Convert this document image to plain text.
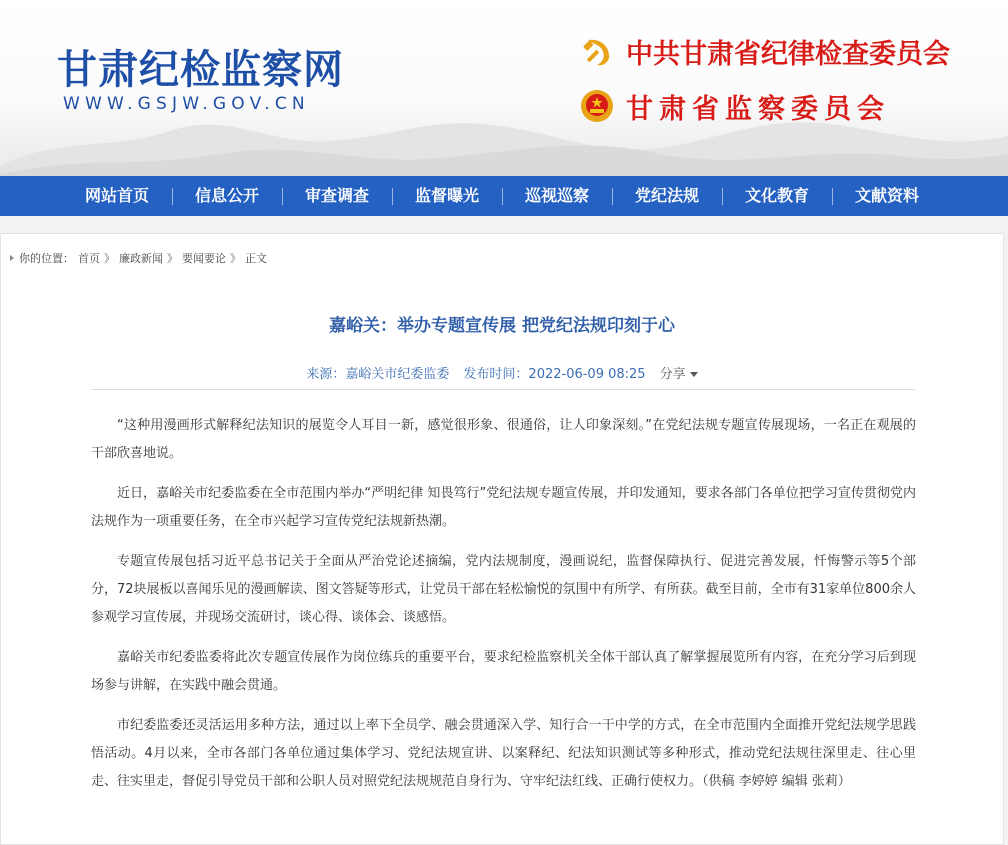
甘肃纪检监察网
WWW.GSJW.GOV.CN
中共甘肃省纪律检查委员会
甘肃省监察委员会
网站首页	信息公开	审查调查	监督曝光	巡视巡察	党纪法规	文化教育	文献资料
你的位置： 首页 》 廉政新闻 》 要闻要论 》 正文
嘉峪关：举办专题宣传展 把党纪法规印刻于心
来源：嘉峪关市纪委监委 发布时间：2022-06-09 08:25 分享

“这种用漫画形式解释纪法知识的展览令人耳目一新，感觉很形象、很通俗，让人印象深刻。”在党纪法规专题宣传展现场，一名正在观展的干部欣喜地说。

近日，嘉峪关市纪委监委在全市范围内举办“严明纪律 知畏笃行”党纪法规专题宣传展，并印发通知，要求各部门各单位把学习宣传贯彻党内法规作为一项重要任务，在全市兴起学习宣传党纪法规新热潮。

专题宣传展包括习近平总书记关于全面从严治党论述摘编，党内法规制度，漫画说纪，监督保障执行、促进完善发展，忏悔警示等5个部分，72块展板以喜闻乐见的漫画解读、图文答疑等形式，让党员干部在轻松愉悦的氛围中有所学、有所获。截至目前，全市有31家单位800余人参观学习宣传展，并现场交流研讨，谈心得、谈体会、谈感悟。

嘉峪关市纪委监委将此次专题宣传展作为岗位练兵的重要平台，要求纪检监察机关全体干部认真了解掌握展览所有内容，在充分学习后到现场参与讲解，在实践中融会贯通。

市纪委监委还灵活运用多种方法，通过以上率下全员学、融会贯通深入学、知行合一干中学的方式，在全市范围内全面推开党纪法规学思践悟活动。4月以来，全市各部门各单位通过集体学习、党纪法规宣讲、以案释纪、纪法知识测试等多种形式，推动党纪法规往深里走、往心里走、往实里走，督促引导党员干部和公职人员对照党纪法规规范自身行为、守牢纪法红线、正确行使权力。（供稿 李婷婷 编辑 张莉）
